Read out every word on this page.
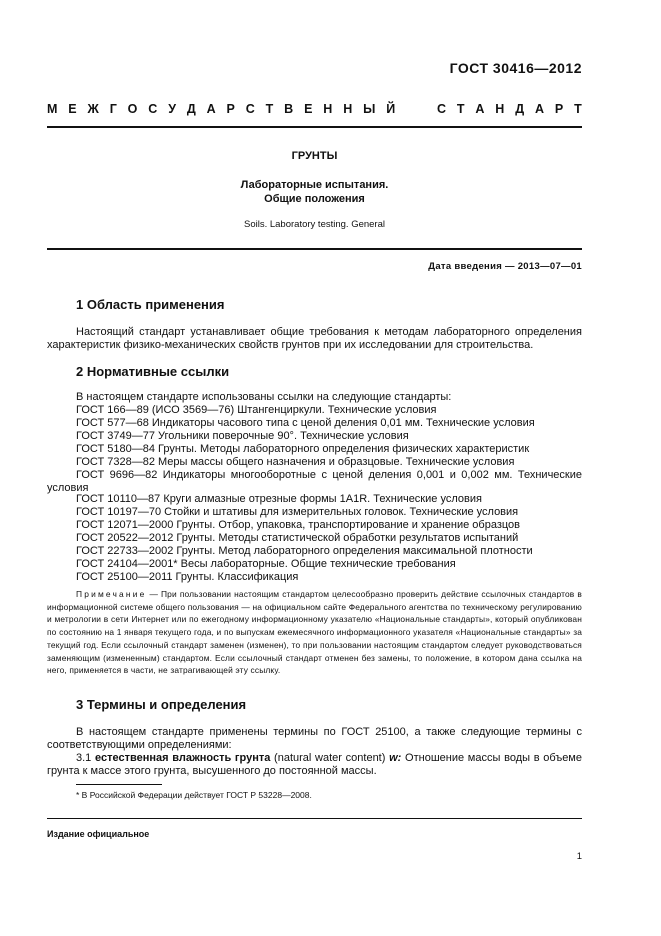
ГОСТ 30416—2012
М Е Ж Г О С У Д А Р С Т В Е Н Н Ы Й	С Т А Н Д А Р Т
ГРУНТЫ
Лабораторные испытания.
Общие положения
Soils. Laboratory testing. General
Дата введения — 2013—07—01
1 Область применения
Настоящий стандарт устанавливает общие требования к методам лабораторного определения характеристик физико-механических свойств грунтов при их исследовании для строительства.
2 Нормативные ссылки
В настоящем стандарте использованы ссылки на следующие стандарты:
ГОСТ 166—89 (ИСО 3569—76) Штангенциркули. Технические условия
ГОСТ 577—68 Индикаторы часового типа с ценой деления 0,01 мм. Технические условия
ГОСТ 3749—77 Угольники поверочные 90°. Технические условия
ГОСТ 5180—84 Грунты. Методы лабораторного определения физических характеристик
ГОСТ 7328—82 Меры массы общего назначения и образцовые. Технические условия
ГОСТ 9696—82 Индикаторы многооборотные с ценой деления 0,001 и 0,002 мм. Технические условия
ГОСТ 10110—87 Круги алмазные отрезные формы 1А1R. Технические условия
ГОСТ 10197—70 Стойки и штативы для измерительных головок. Технические условия
ГОСТ 12071—2000 Грунты. Отбор, упаковка, транспортирование и хранение образцов
ГОСТ 20522—2012 Грунты. Методы статистической обработки результатов испытаний
ГОСТ 22733—2002 Грунты. Метод лабораторного определения максимальной плотности
ГОСТ 24104—2001* Весы лабораторные. Общие технические требования
ГОСТ 25100—2011 Грунты. Классификация
Примечание — При пользовании настоящим стандартом целесообразно проверить действие ссылочных стандартов в информационной системе общего пользования — на официальном сайте Федерального агентства по техническому регулированию и метрологии в сети Интернет или по ежегодному информационному указателю «Национальные стандарты», который опубликован по состоянию на 1 января текущего года, и по выпускам ежемесячного информационного указателя «Национальные стандарты» за текущий год. Если ссылочный стандарт заменен (изменен), то при пользовании настоящим стандартом следует руководствоваться заменяющим (измененным) стандартом. Если ссылочный стандарт отменен без замены, то положение, в котором дана ссылка на него, применяется в части, не затрагивающей эту ссылку.
3 Термины и определения
В настоящем стандарте применены термины по ГОСТ 25100, а также следующие термины с соответствующими определениями:
3.1 естественная влажность грунта (natural water content) w: Отношение массы воды в объеме грунта к массе этого грунта, высушенного до постоянной массы.
* В Российской Федерации действует ГОСТ Р 53228—2008.
Издание официальное
1
